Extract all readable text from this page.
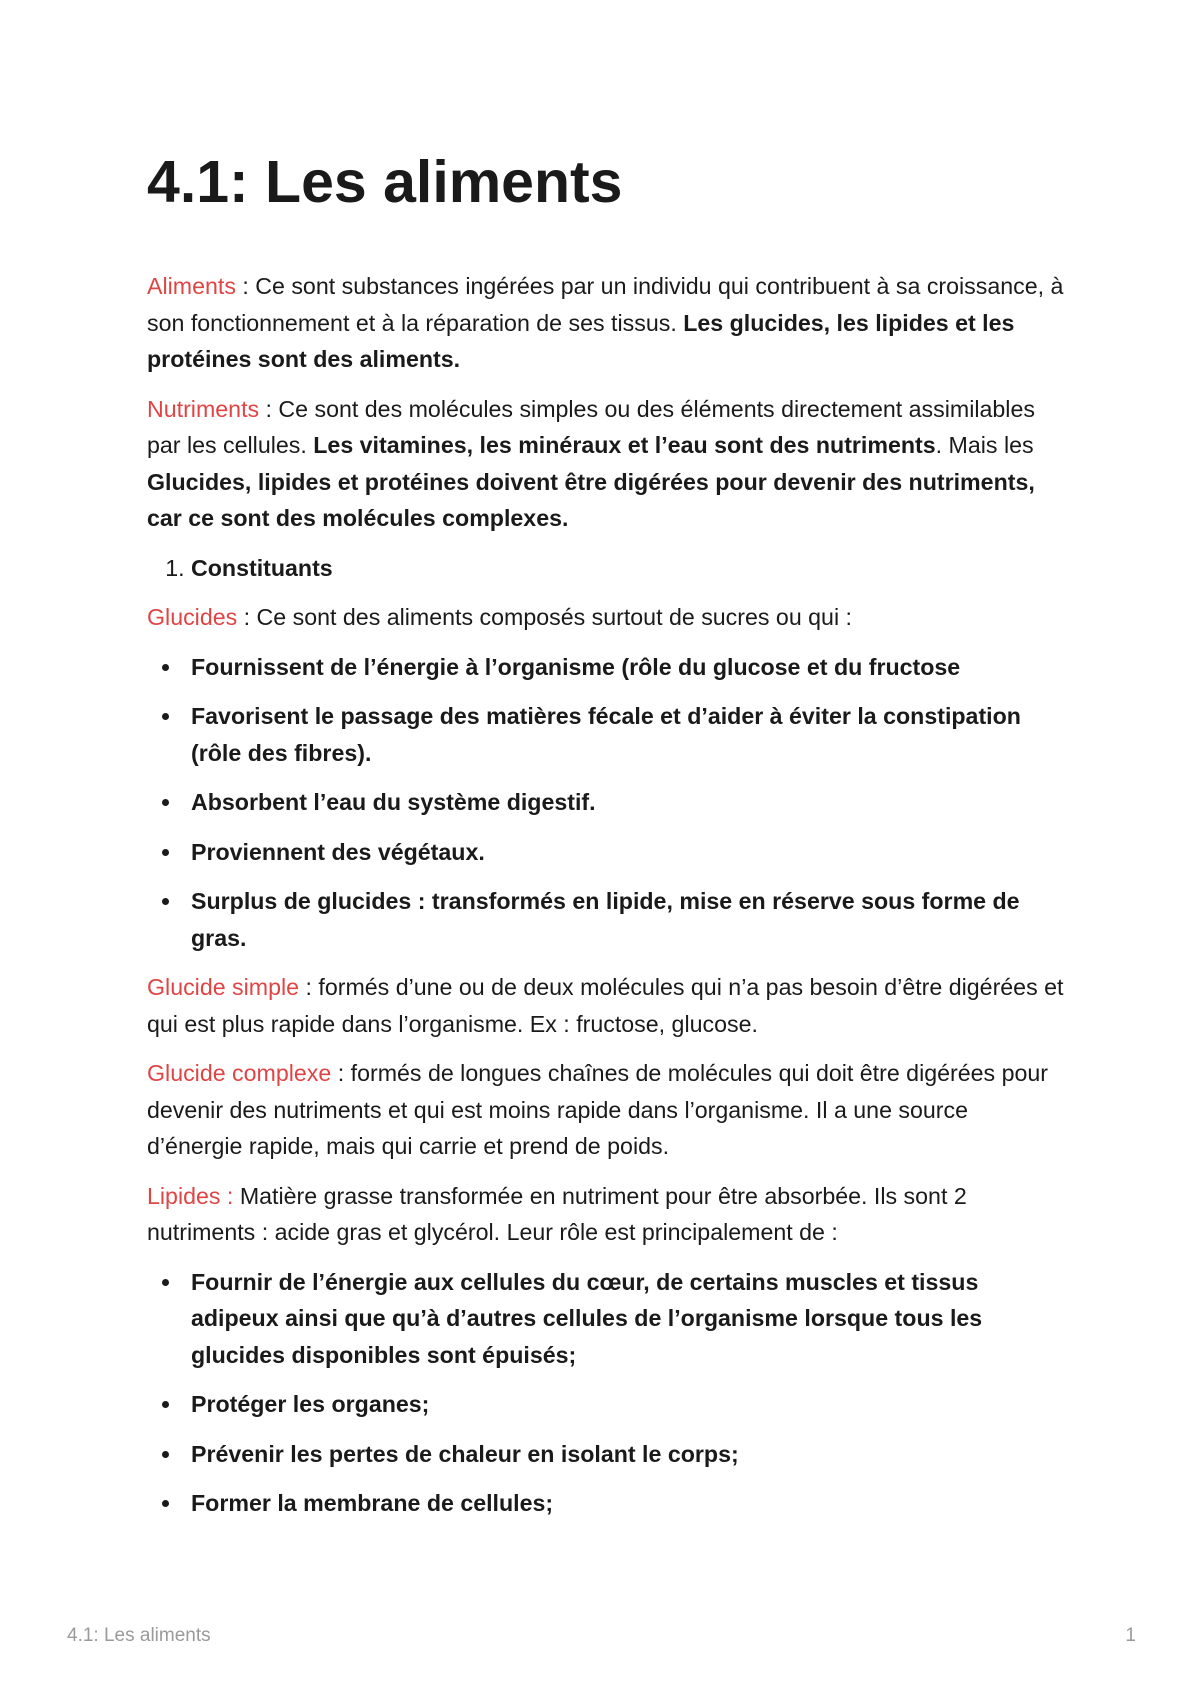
4.1: Les aliments

Aliments : Ce sont substances ingérées par un individu qui contribuent à sa croissance, à son fonctionnement et à la réparation de ses tissus. Les glucides, les lipides et les protéines sont des aliments.

Nutriments : Ce sont des molécules simples ou des éléments directement assimilables par les cellules. Les vitamines, les minéraux et l’eau sont des nutriments. Mais les Glucides, lipides et protéines doivent être digérées pour devenir des nutriments, car ce sont des molécules complexes.

1. Constituants

Glucides : Ce sont des aliments composés surtout de sucres ou qui :

Fournissent de l’énergie à l’organisme (rôle du glucose et du fructose
Favorisent le passage des matières fécale et d’aider à éviter la constipation (rôle des fibres).
Absorbent l’eau du système digestif.
Proviennent des végétaux.
Surplus de glucides : transformés en lipide, mise en réserve sous forme de gras.

Glucide simple : formés d’une ou de deux molécules qui n’a pas besoin d’être digérées et qui est plus rapide dans l’organisme. Ex : fructose, glucose.

Glucide complexe : formés de longues chaînes de molécules qui doit être digérées pour devenir des nutriments et qui est moins rapide dans l’organisme. Il a une source d’énergie rapide, mais qui carrie et prend de poids.

Lipides : Matière grasse transformée en nutriment pour être absorbée. Ils sont 2 nutriments : acide gras et glycérol. Leur rôle est principalement de :

Fournir de l’énergie aux cellules du cœur, de certains muscles et tissus adipeux ainsi que qu’à d’autres cellules de l’organisme lorsque tous les glucides disponibles sont épuisés;
Protéger les organes;
Prévenir les pertes de chaleur en isolant le corps;
Former la membrane de cellules;
4.1: Les aliments	1
